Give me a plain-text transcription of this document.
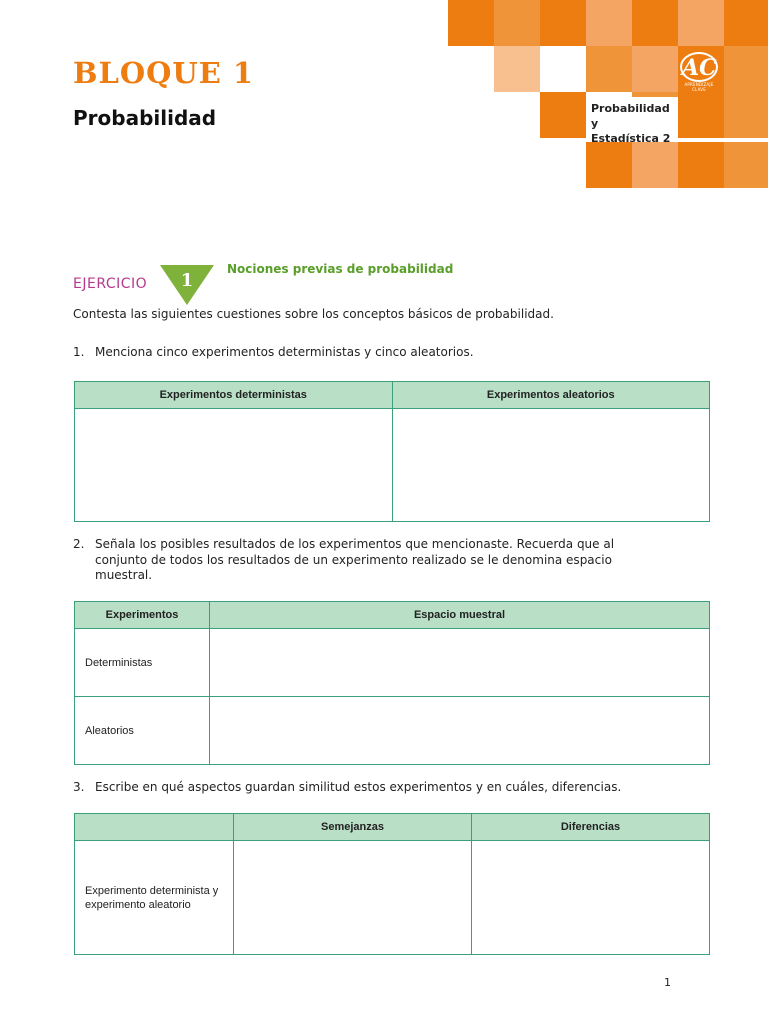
AC
APRENDIZAJE
CLAVE
Probabilidad y
Estadística 2
BLOQUE 1
Probabilidad
EJERCICIO 1
Nociones previas de probabilidad
Contesta las siguientes cuestiones sobre los conceptos básicos de probabilidad.
1. Menciona cinco experimentos deterministas y cinco aleatorios.
Experimentos deterministas	Experimentos aleatorios

2. Señala los posibles resultados de los experimentos que mencionaste. Recuerda que al conjunto de todos los resultados de un experimento realizado se le denomina espacio muestral.
Experimentos	Espacio muestral
Deterministas	
Aleatorios	
3. Escribe en qué aspectos guardan similitud estos experimentos y en cuáles, diferencias.
	Semejanzas	Diferencias

Experimento determinista y
experimento aleatorio		

1
